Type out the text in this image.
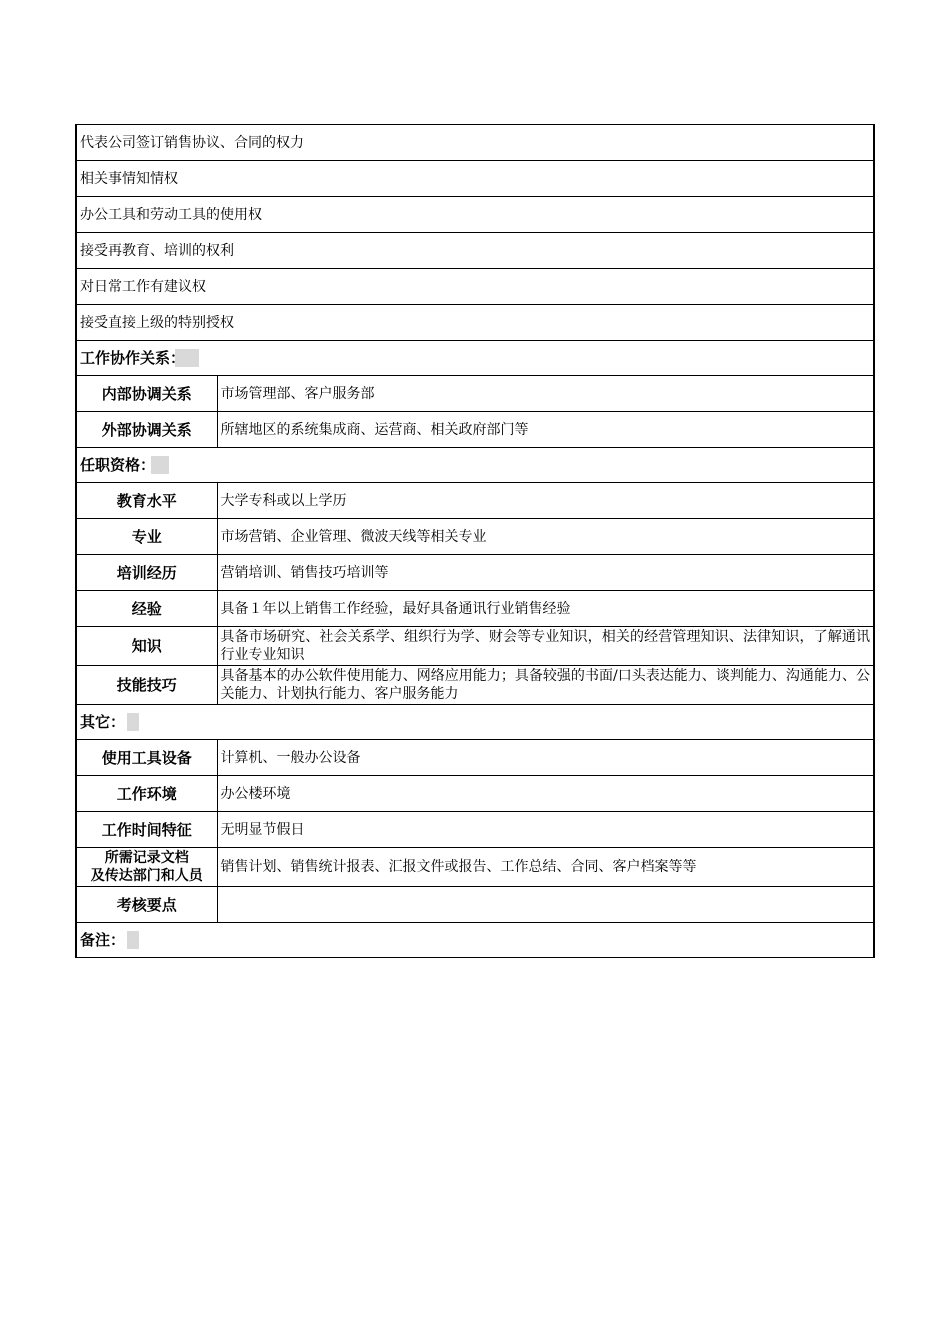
代表公司签订销售协议、合同的权力	
相关事情知情权	
办公工具和劳动工具的使用权	
接受再教育、培训的权利	
对日常工作有建议权	
接受直接上级的特别授权	
工作协作关系：	
内部协调关系	市场管理部、客户服务部
外部协调关系	所辖地区的系统集成商、运营商、相关政府部门等
任职资格：	
教育水平	大学专科或以上学历
专业	市场营销、企业管理、微波天线等相关专业
培训经历	营销培训、销售技巧培训等
经验	具备１年以上销售工作经验，最好具备通讯行业销售经验
知识	具备市场研究、社会关系学、组织行为学、财会等专业知识，相关的经营管理知识、法律知识，了解通讯行业专业知识
技能技巧	具备基本的办公软件使用能力、网络应用能力；具备较强的书面/口头表达能力、谈判能力、沟通能力、公关能力、计划执行能力、客户服务能力
其它：	
使用工具设备	计算机、一般办公设备
工作环境	办公楼环境
工作时间特征	无明显节假日

所需记录文档
及传达部门和人员	销售计划、销售统计报表、汇报文件或报告、工作总结、合同、客户档案等等
考核要点	
备注：	
